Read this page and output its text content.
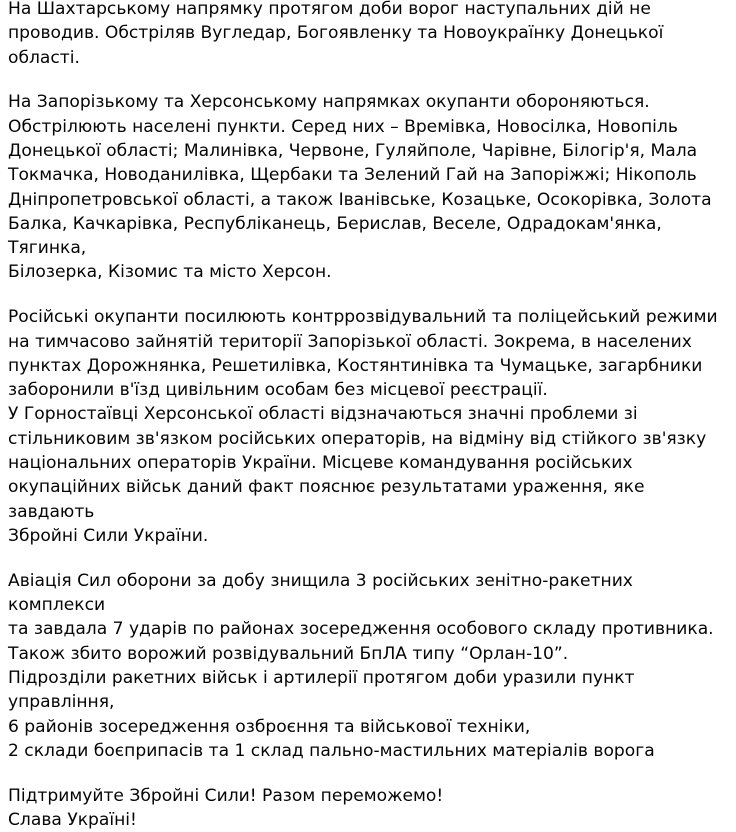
На Шахтарському напрямку протягом доби ворог наступальних дій не
проводив. Обстріляв Вугледар, Богоявленку та Новоукраїнку Донецької області.

На Запорізькому та Херсонському напрямках окупанти обороняються.
Обстрілюють населені пункти. Серед них – Времівка, Новосілка, Новопіль
Донецької області; Малинівка, Червоне, Гуляйполе, Чарівне, Білогір'я, Мала
Токмачка, Новоданилівка, Щербаки та Зелений Гай на Запоріжжі; Нікополь
Дніпропетровської області, а також Іванівське, Козацьке, Осокорівка, Золота
Балка, Качкарівка, Республіканець, Берислав, Веселе, Одрадокам'янка, Тягинка,
Білозерка, Кізомис та місто Херсон.

Російські окупанти посилюють контррозвідувальний та поліцейський режими
на тимчасово зайнятій території Запорізької області. Зокрема, в населених
пунктах Дорожнянка, Решетилівка, Костянтинівка та Чумацьке, загарбники
заборонили в'їзд цивільним особам без місцевої реєстрації.
У Горностаївці Херсонської області відзначаються значні проблеми зі
стільниковим зв'язком російських операторів, на відміну від стійкого зв'язку
національних операторів України. Місцеве командування російських
окупаційних військ даний факт пояснює результатами ураження, яке завдають
Збройні Сили України.

Авіація Сил оборони за добу знищила 3 російських зенітно-ракетних комплекси
та завдала 7 ударів по районах зосередження особового складу противника.
Також збито ворожий розвідувальний БпЛА типу “Орлан-10”.
Підрозділи ракетних військ і артилерії протягом доби уразили пункт управління,
6 районів зосередження озброєння та військової техніки,
2 склади боєприпасів та 1 склад пально-мастильних матеріалів ворога

Підтримуйте Збройні Сили! Разом переможемо!
Слава Україні!
